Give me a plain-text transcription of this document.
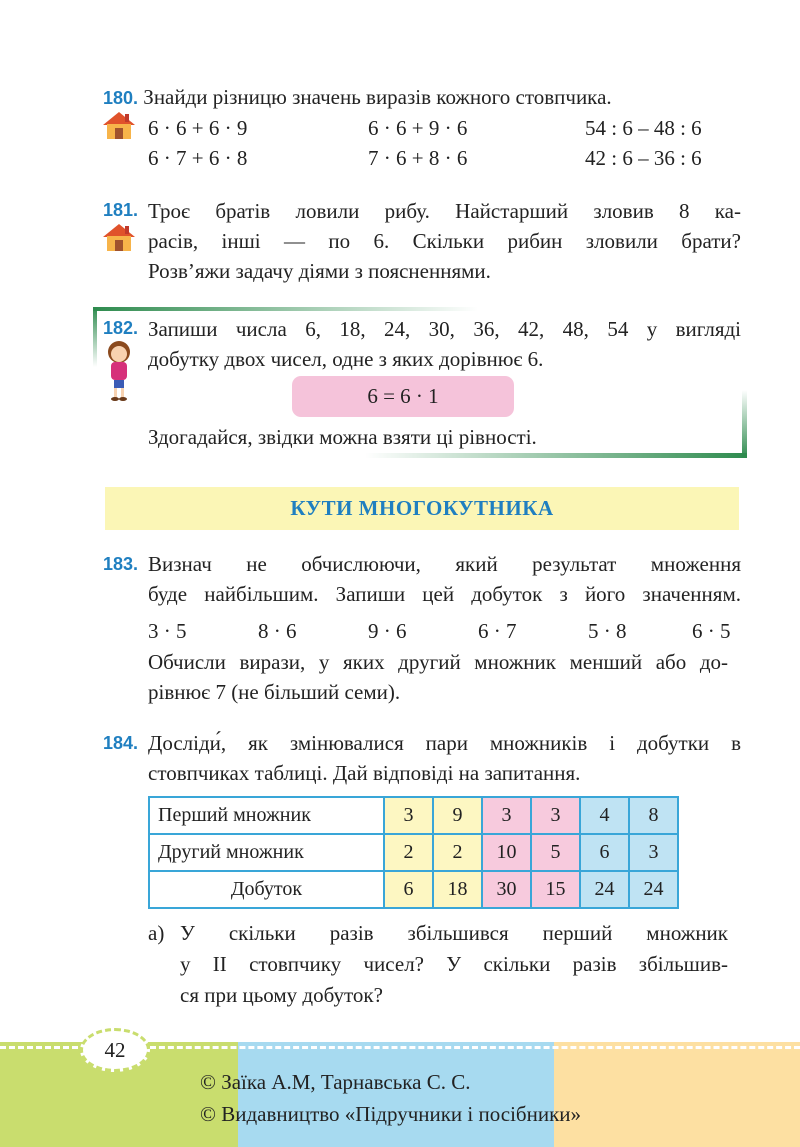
180. Знайди різницю значень виразів кожного стовпчика.
6 · 6 + 6 · 9	6 · 6 + 9 · 6	54 : 6 – 48 : 6
6 · 7 + 6 · 8	7 · 6 + 8 · 6	42 : 6 – 36 : 6
181. Троє братів ловили рибу. Найстарший зловив 8 ка-
расів, інші — по 6. Скільки рибин зловили брати?
Розв’яжи задачу діями з поясненнями.
182. Запиши числа 6, 18, 24, 30, 36, 42, 48, 54 у вигляді
добутку двох чисел, одне з яких дорівнює 6.
6 = 6 · 1
Здогадайся, звідки можна взяти ці рівності.
КУТИ МНОГОКУТНИКА
183. Визнач не обчислюючи, який результат множення
буде найбільшим. Запиши цей добуток з його значенням.
3 · 5	8 · 6	9 · 6	6 · 7	5 · 8	6 · 5
Обчисли вирази, у яких другий множник менший або до-
рівнює 7 (не більший семи).
184. Дослiди́, як змінювалися пари множників і добутки в
стовпчиках таблиці. Дай відповіді на запитання.
Перший множник	3	9	3	3	4	8
Другий множник	2	2	10	5	6	3
Добуток	6	18	30	15	24	24
а) У скільки разів збільшився перший множник
у II стовпчику чисел? У скільки разів збільшив-
ся при цьому добуток?
42
© Заїка А.М, Тарнавська С. С.
© Видавництво «Підручники і посібники»
